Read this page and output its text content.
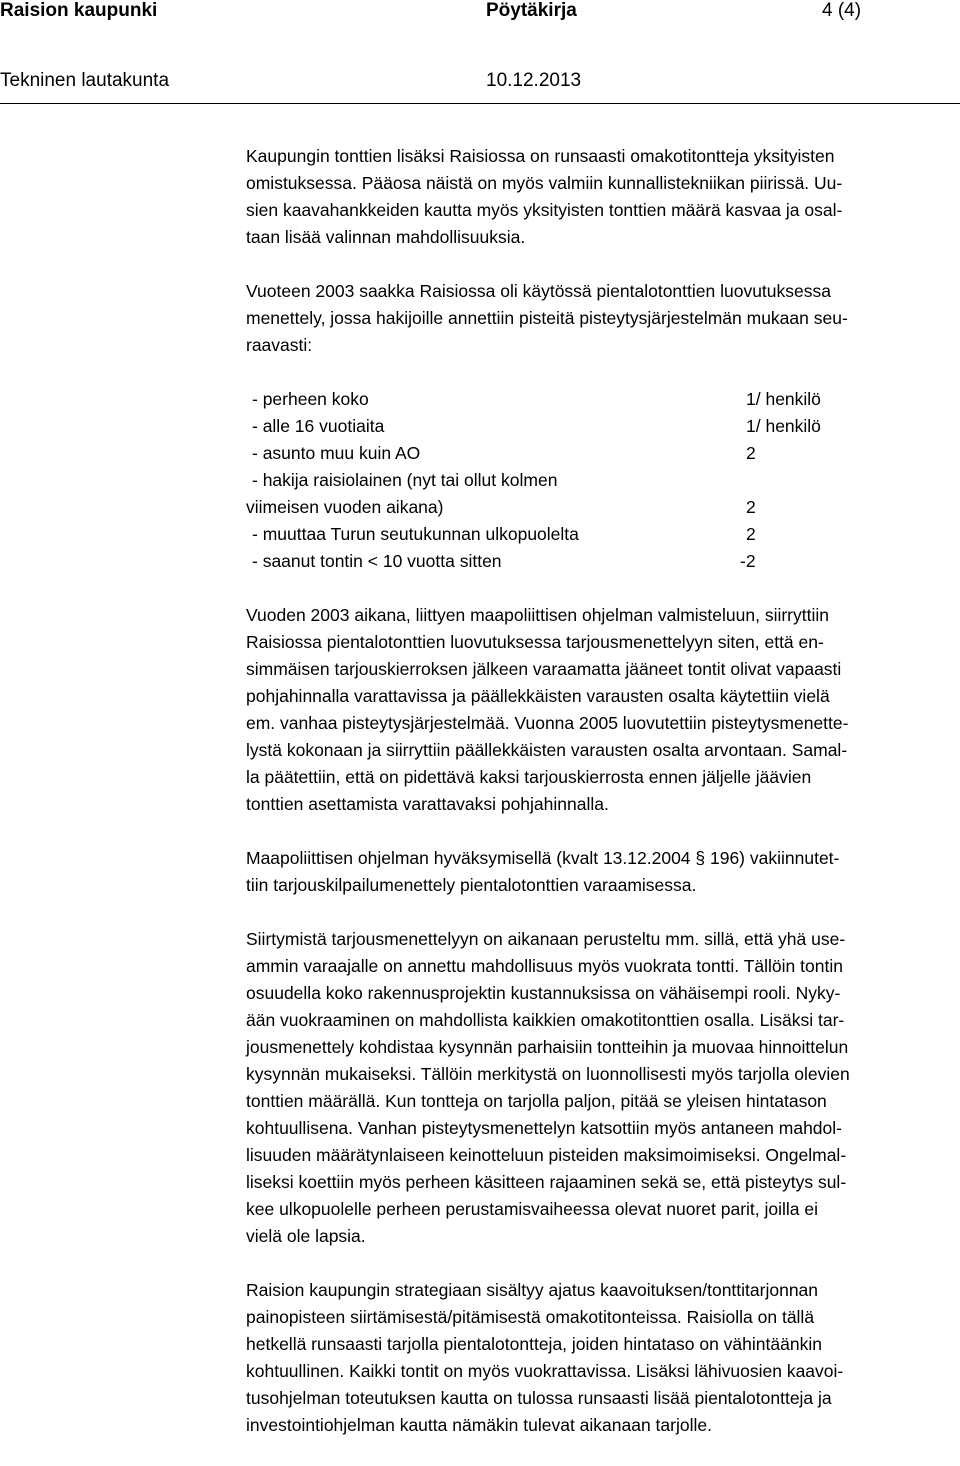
Raision kaupunki	Pöytäkirja	4 (4)
Tekninen lautakunta	10.12.2013
Kaupungin tonttien lisäksi Raisiossa on runsaasti omakotitontteja yksityisten
omistuksessa. Pääosa näistä on myös valmiin kunnallistekniikan piirissä. Uu-
sien kaavahankkeiden kautta myös yksityisten tonttien määrä kasvaa ja osal-
taan lisää valinnan mahdollisuuksia.
Vuoteen 2003 saakka Raisiossa oli käytössä pientalotonttien luovutuksessa
menettely, jossa hakijoille annettiin pisteitä pisteytysjärjestelmän mukaan seu-
raavasti:
- perheen koko	1/ henkilö
- alle 16 vuotiaita	1/ henkilö
- asunto muu kuin AO	2
- hakija raisiolainen (nyt tai ollut kolmen
viimeisen vuoden aikana)	2
- muuttaa Turun seutukunnan ulkopuolelta	2
- saanut tontin < 10 vuotta sitten	-2
Vuoden 2003 aikana, liittyen maapoliittisen ohjelman valmisteluun, siirryttiin
Raisiossa pientalotonttien luovutuksessa tarjousmenettelyyn siten, että en-
simmäisen tarjouskierroksen jälkeen varaamatta jääneet tontit olivat vapaasti
pohjahinnalla varattavissa ja päällekkäisten varausten osalta käytettiin vielä
em. vanhaa pisteytysjärjestelmää. Vuonna 2005 luovutettiin pisteytysmenette-
lystä kokonaan ja siirryttiin päällekkäisten varausten osalta arvontaan. Samal-
la päätettiin, että on pidettävä kaksi tarjouskierrosta ennen jäljelle jäävien
tonttien asettamista varattavaksi pohjahinnalla.
Maapoliittisen ohjelman hyväksymisellä (kvalt 13.12.2004 § 196) vakiinnutet-
tiin tarjouskilpailumenettely pientalotonttien varaamisessa.
Siirtymistä tarjousmenettelyyn on aikanaan perusteltu mm. sillä, että yhä use-
ammin varaajalle on annettu mahdollisuus myös vuokrata tontti. Tällöin tontin
osuudella koko rakennusprojektin kustannuksissa on vähäisempi rooli. Nyky-
ään vuokraaminen on mahdollista kaikkien omakotitonttien osalla. Lisäksi tar-
jousmenettely kohdistaa kysynnän parhaisiin tontteihin ja muovaa hinnoittelun
kysynnän mukaiseksi. Tällöin merkitystä on luonnollisesti myös tarjolla olevien
tonttien määrällä. Kun tontteja on tarjolla paljon, pitää se yleisen hintatason
kohtuullisena. Vanhan pisteytysmenettelyn katsottiin myös antaneen mahdol-
lisuuden määrätynlaiseen keinotteluun pisteiden maksimoimiseksi. Ongelmal-
liseksi koettiin myös perheen käsitteen rajaaminen sekä se, että pisteytys sul-
kee ulkopuolelle perheen perustamisvaiheessa olevat nuoret parit, joilla ei
vielä ole lapsia.
Raision kaupungin strategiaan sisältyy ajatus kaavoituksen/tonttitarjonnan
painopisteen siirtämisestä/pitämisestä omakotitonteissa. Raisiolla on tällä
hetkellä runsaasti tarjolla pientalotontteja, joiden hintataso on vähintäänkin
kohtuullinen. Kaikki tontit on myös vuokrattavissa. Lisäksi lähivuosien kaavoi-
tusohjelman toteutuksen kautta on tulossa runsaasti lisää pientalotontteja ja
investointiohjelman kautta nämäkin tulevat aikanaan tarjolle.
